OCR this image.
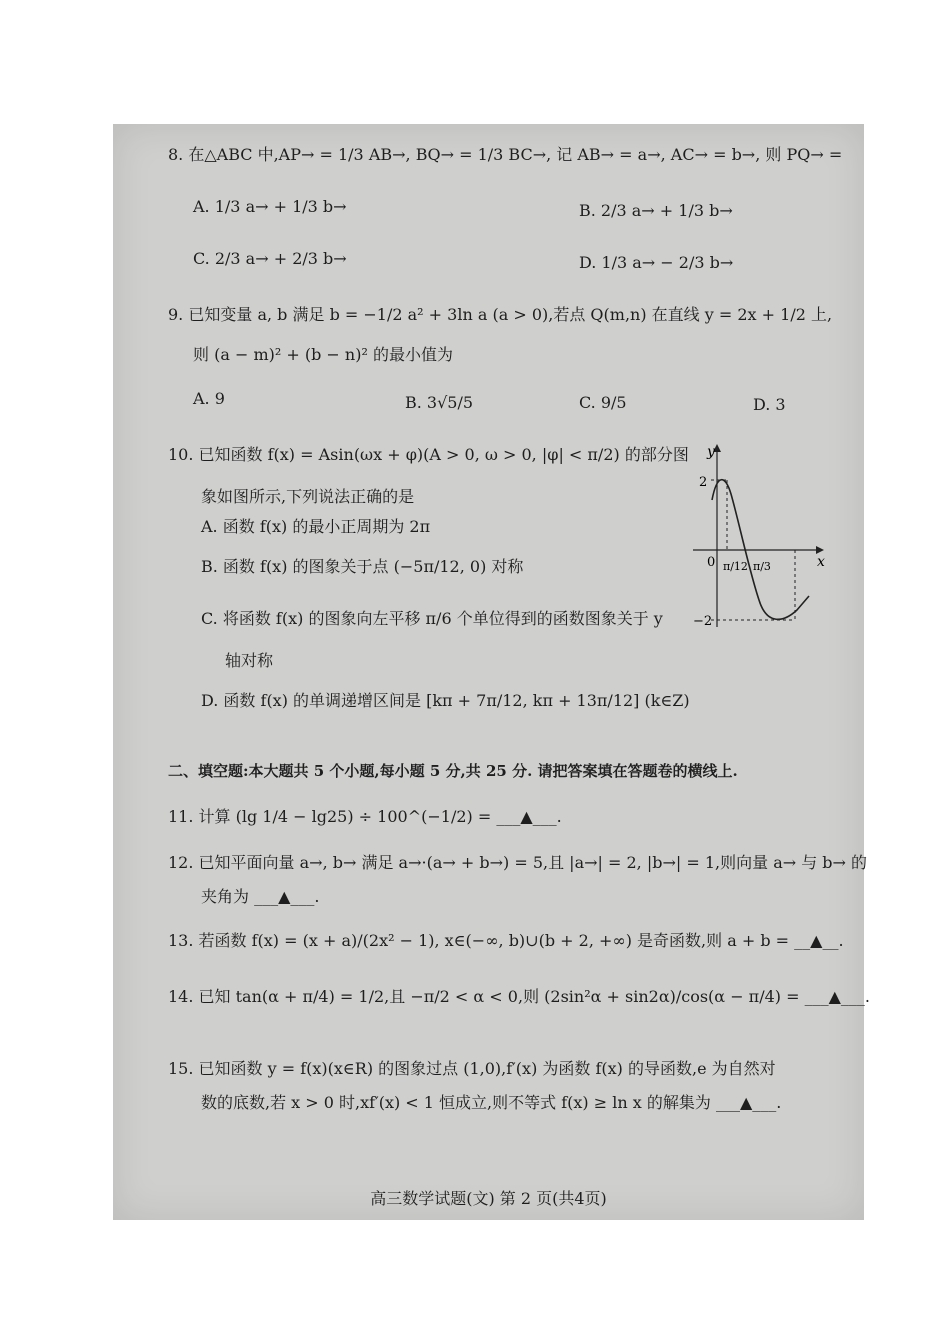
8. 在△ABC 中,AP→ = 1/3 AB→, BQ→ = 1/3 BC→, 记 AB→ = a→, AC→ = b→, 则 PQ→ =
A. 1/3 a→ + 1/3 b→	B. 2/3 a→ + 1/3 b→
C. 2/3 a→ + 2/3 b→	D. 1/3 a→ − 2/3 b→
9. 已知变量 a, b 满足 b = −1/2 a² + 3ln a (a > 0),若点 Q(m,n) 在直线 y = 2x + 1/2 上,
则 (a − m)² + (b − n)² 的最小值为
A. 9	B. 3√5/5	C. 9/5	D. 3
10. 已知函数 f(x) = Asin(ωx + φ)(A > 0, ω > 0, |φ| < π/2) 的部分图
象如图所示,下列说法正确的是
A. 函数 f(x) 的最小正周期为 2π
B. 函数 f(x) 的图象关于点 (−5π/12, 0) 对称
C. 将函数 f(x) 的图象向左平移 π/6 个单位得到的函数图象关于 y
轴对称
D. 函数 f(x) 的单调递增区间是 [kπ + 7π/12, kπ + 13π/12] (k∈Z)
y
x
0
2
−2
π/12 π/3
二、填空题:本大题共 5 个小题,每小题 5 分,共 25 分. 请把答案填在答题卷的横线上.
11. 计算 (lg 1/4 − lg25) ÷ 100^(−1/2) = ___▲___.
12. 已知平面向量 a→, b→ 满足 a→·(a→ + b→) = 5,且 |a→| = 2, |b→| = 1,则向量 a→ 与 b→ 的
夹角为 ___▲___.
13. 若函数 f(x) = (x + a)/(2x² − 1), x∈(−∞, b)∪(b + 2, +∞) 是奇函数,则 a + b = __▲__.
14. 已知 tan(α + π/4) = 1/2,且 −π/2 < α < 0,则 (2sin²α + sin2α)/cos(α − π/4) = ___▲___.
15. 已知函数 y = f(x)(x∈R) 的图象过点 (1,0),f′(x) 为函数 f(x) 的导函数,e 为自然对
数的底数,若 x > 0 时,xf′(x) < 1 恒成立,则不等式 f(x) ≥ ln x 的解集为 ___▲___.
高三数学试题(文) 第 2 页(共4页)
